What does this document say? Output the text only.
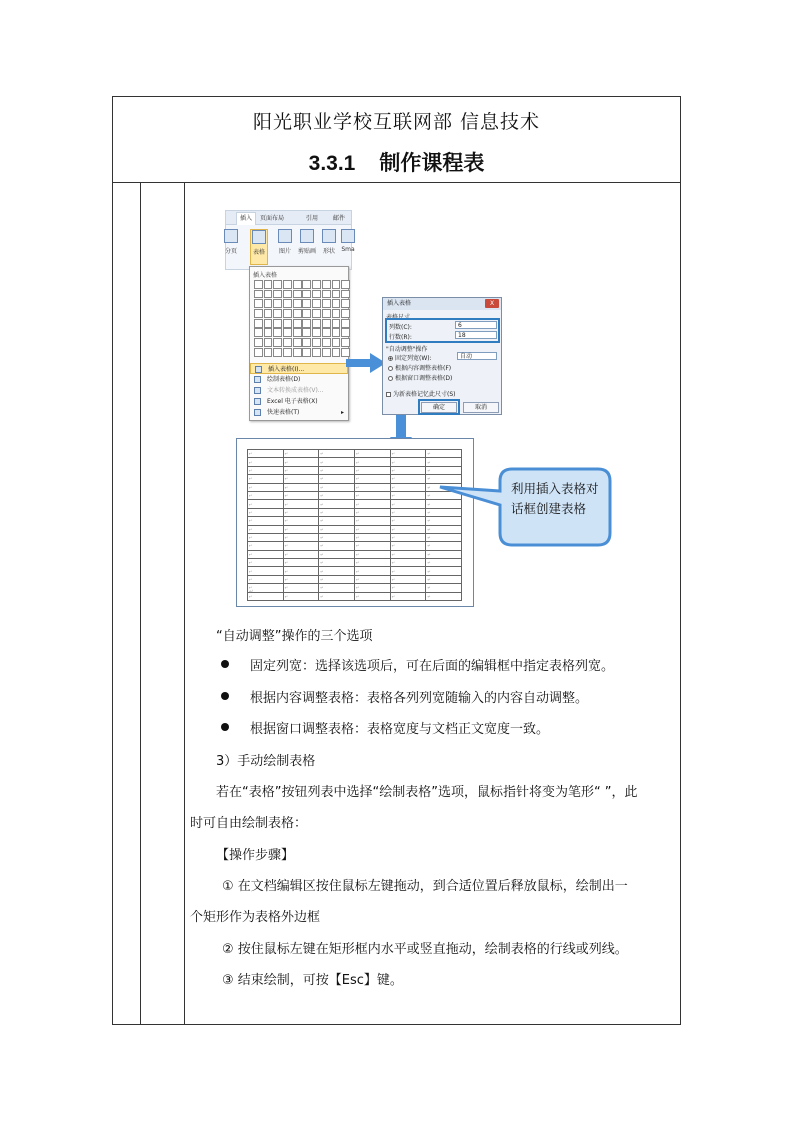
阳光职业学校互联网部 信息技术
3.3.1 制作课程表
插入	页面布局	引用 邮件
分页	表格	图片	剪贴画	形状	Sma
插入表格
插入表格(I)...
绘制表格(D)
文本转换成表格(V)...
Excel 电子表格(X)
快速表格(T)	▸
插入表格	X
表格尺寸
列数(C):	6
行数(R):	18
"自动调整"操作
固定列宽(W):	自动
根据内容调整表格(F)
根据窗口调整表格(D)
为新表格记忆此尺寸(S)
确定	取消
↵	↵	↵	↵	↵	↵
↵	↵	↵	↵	↵	↵
↵	↵	↵	↵	↵	↵
↵	↵	↵	↵	↵	↵
↵	↵	↵	↵	↵	↵
↵	↵	↵	↵	↵	↵
↵	↵	↵	↵	↵	↵
↵	↵	↵	↵	↵	↵
↵	↵	↵	↵	↵	↵
↵	↵	↵	↵	↵	↵
↵	↵	↵	↵	↵	↵
↵	↵	↵	↵	↵	↵
↵	↵	↵	↵	↵	↵
↵	↵	↵	↵	↵	↵
↵	↵	↵	↵	↵	↵
↵	↵	↵	↵	↵	↵
↵	↵	↵	↵	↵	↵
↵	↵	↵	↵	↵	↵
↵
利用插入表格对话框创建表格
“自动调整”操作的三个选项
固定列宽：选择该选项后，可在后面的编辑框中指定表格列宽。
根据内容调整表格：表格各列列宽随输入的内容自动调整。
根据窗口调整表格：表格宽度与文档正文宽度一致。
3）手动绘制表格
若在“表格”按钮列表中选择“绘制表格”选项，鼠标指针将变为笔形“ ”，此
时可自由绘制表格：
【操作步骤】
① 在文档编辑区按住鼠标左键拖动，到合适位置后释放鼠标，绘制出一
个矩形作为表格外边框
② 按住鼠标左键在矩形框内水平或竖直拖动，绘制表格的行线或列线。
③ 结束绘制，可按【Esc】键。
